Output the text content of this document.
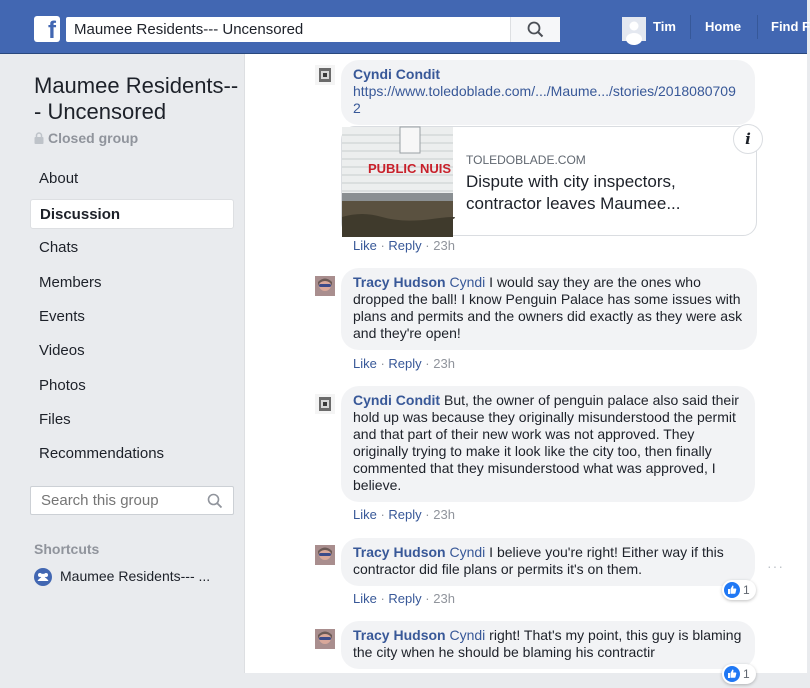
f
Maumee Residents--- Uncensored	Tim Home Find F
Maumee Residents--- Uncensored
Closed group
About
Discussion
Chats
Members
Events
Videos
Photos
Files
Recommendations
Search this group
Shortcuts
Maumee Residents--- ...
Cyndi Condit
https://www.toledoblade.com/.../Maume.../stories/20180807092
PUBLIC NUIS
TOLEDOBLADE.COM
Dispute with city inspectors, contractor leaves Maumee...
i
Like · Reply · 23h
Tracy Hudson Cyndi I would say they are the ones who dropped the ball! I know Penguin Palace has some issues with plans and permits and the owners did exactly as they were ask and they're open!
Like · Reply · 23h
Cyndi Condit But, the owner of penguin palace also said their hold up was because they originally misunderstood the permit and that part of their new work was not approved. They originally trying to make it look like the city too, then finally commented that they misunderstood what was approved, I believe.
Like · Reply · 23h
Tracy Hudson Cyndi I believe you're right! Either way if this contractor did file plans or permits it's on them.
1
···
Like · Reply · 23h
Tracy Hudson Cyndi right! That's my point, this guy is blaming the city when he should be blaming his contractir
1
